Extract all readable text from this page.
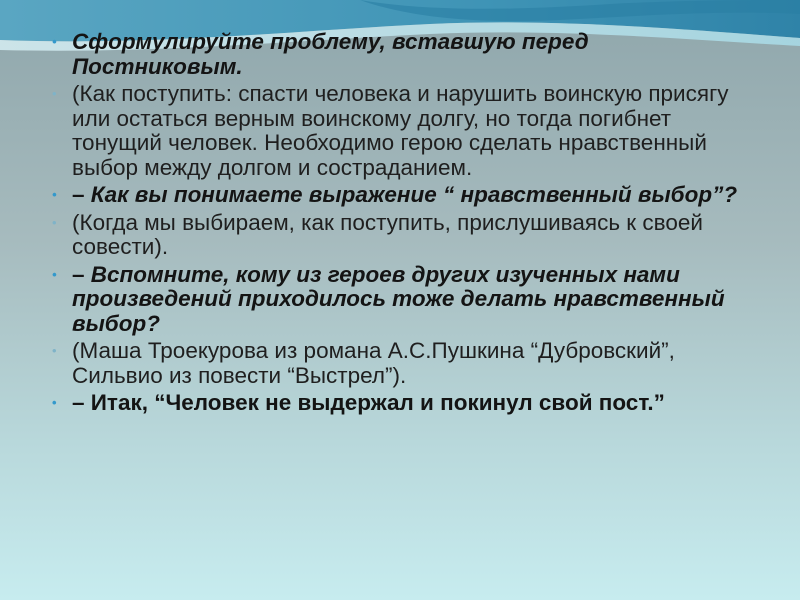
• Сформулируйте проблему, вставшую перед Постниковым.
• (Как поступить: спасти человека и нарушить воинскую присягу или остаться верным воинскому долгу, но тогда погибнет тонущий человек. Необходимо герою сделать нравственный выбор между долгом и состраданием.
• – Как вы понимаете выражение “ нравственный выбор”?
• (Когда мы выбираем, как поступить, прислушиваясь к своей совести).
• – Вспомните, кому из героев других изученных нами произведений приходилось тоже делать нравственный выбор?
• (Маша Троекурова из романа А.С.Пушкина “Дубровский”, Сильвио из повести “Выстрел”).
• – Итак, “Человек не выдержал и покинул свой пост.”
